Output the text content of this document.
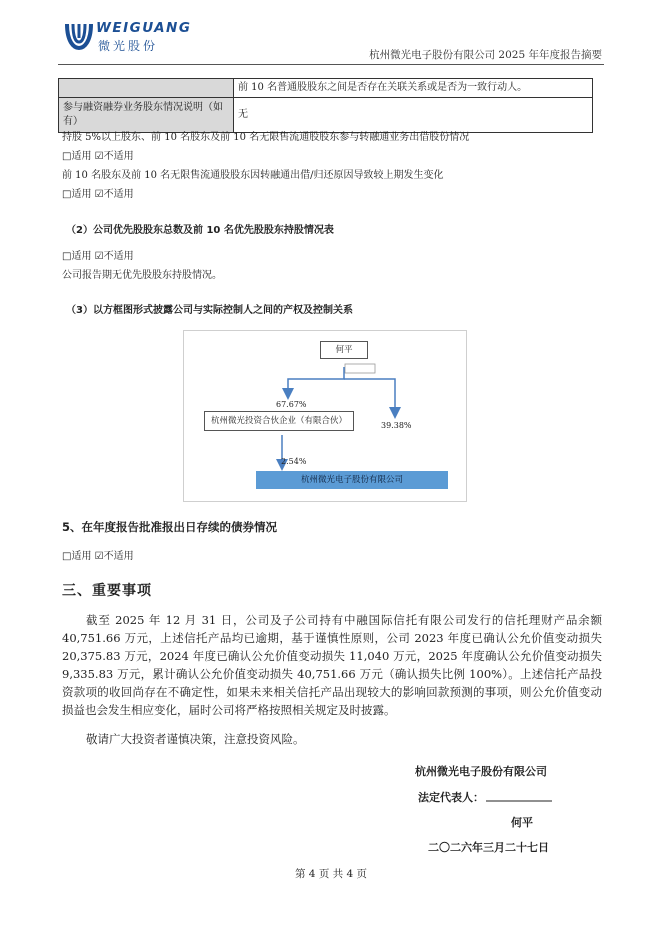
WEIGUANG
微光股份
杭州微光电子股份有限公司 2025 年年度报告摘要
	前 10 名普通股股东之间是否存在关联关系或是否为一致行动人。
参与融资融券业务股东情况说明（如有）	无
持股 5%以上股东、前 10 名股东及前 10 名无限售流通股股东参与转融通业务出借股份情况
□适用 ☑不适用
前 10 名股东及前 10 名无限售流通股股东因转融通出借/归还原因导致较上期发生变化
□适用 ☑不适用
（2）公司优先股股东总数及前 10 名优先股股东持股情况表
□适用 ☑不适用
公司报告期无优先股股东持股情况。
（3）以方框图形式披露公司与实际控制人之间的产权及控制关系
何平
杭州微光投资合伙企业（有限合伙）
杭州微光电子股份有限公司
67.67%
39.38%
2.54%
5、在年度报告批准报出日存续的债券情况
□适用 ☑不适用
三、重要事项
截至 2025 年 12 月 31 日，公司及子公司持有中融国际信托有限公司发行的信托理财产品余额 40,751.66 万元，上述信托产品均已逾期，基于谨慎性原则，公司 2023 年度已确认公允价值变动损失 20,375.83 万元，2024 年度已确认公允价值变动损失 11,040 万元，2025 年度确认公允价值变动损失 9,335.83 万元，累计确认公允价值变动损失 40,751.66 万元（确认损失比例 100%）。上述信托产品投资款项的收回尚存在不确定性，如果未来相关信托产品出现较大的影响回款预测的事项，则公允价值变动损益也会发生相应变化，届时公司将严格按照相关规定及时披露。
敬请广大投资者谨慎决策，注意投资风险。
杭州微光电子股份有限公司
法定代表人： ____________
何平
二〇二六年三月二十七日
第 4 页 共 4 页
